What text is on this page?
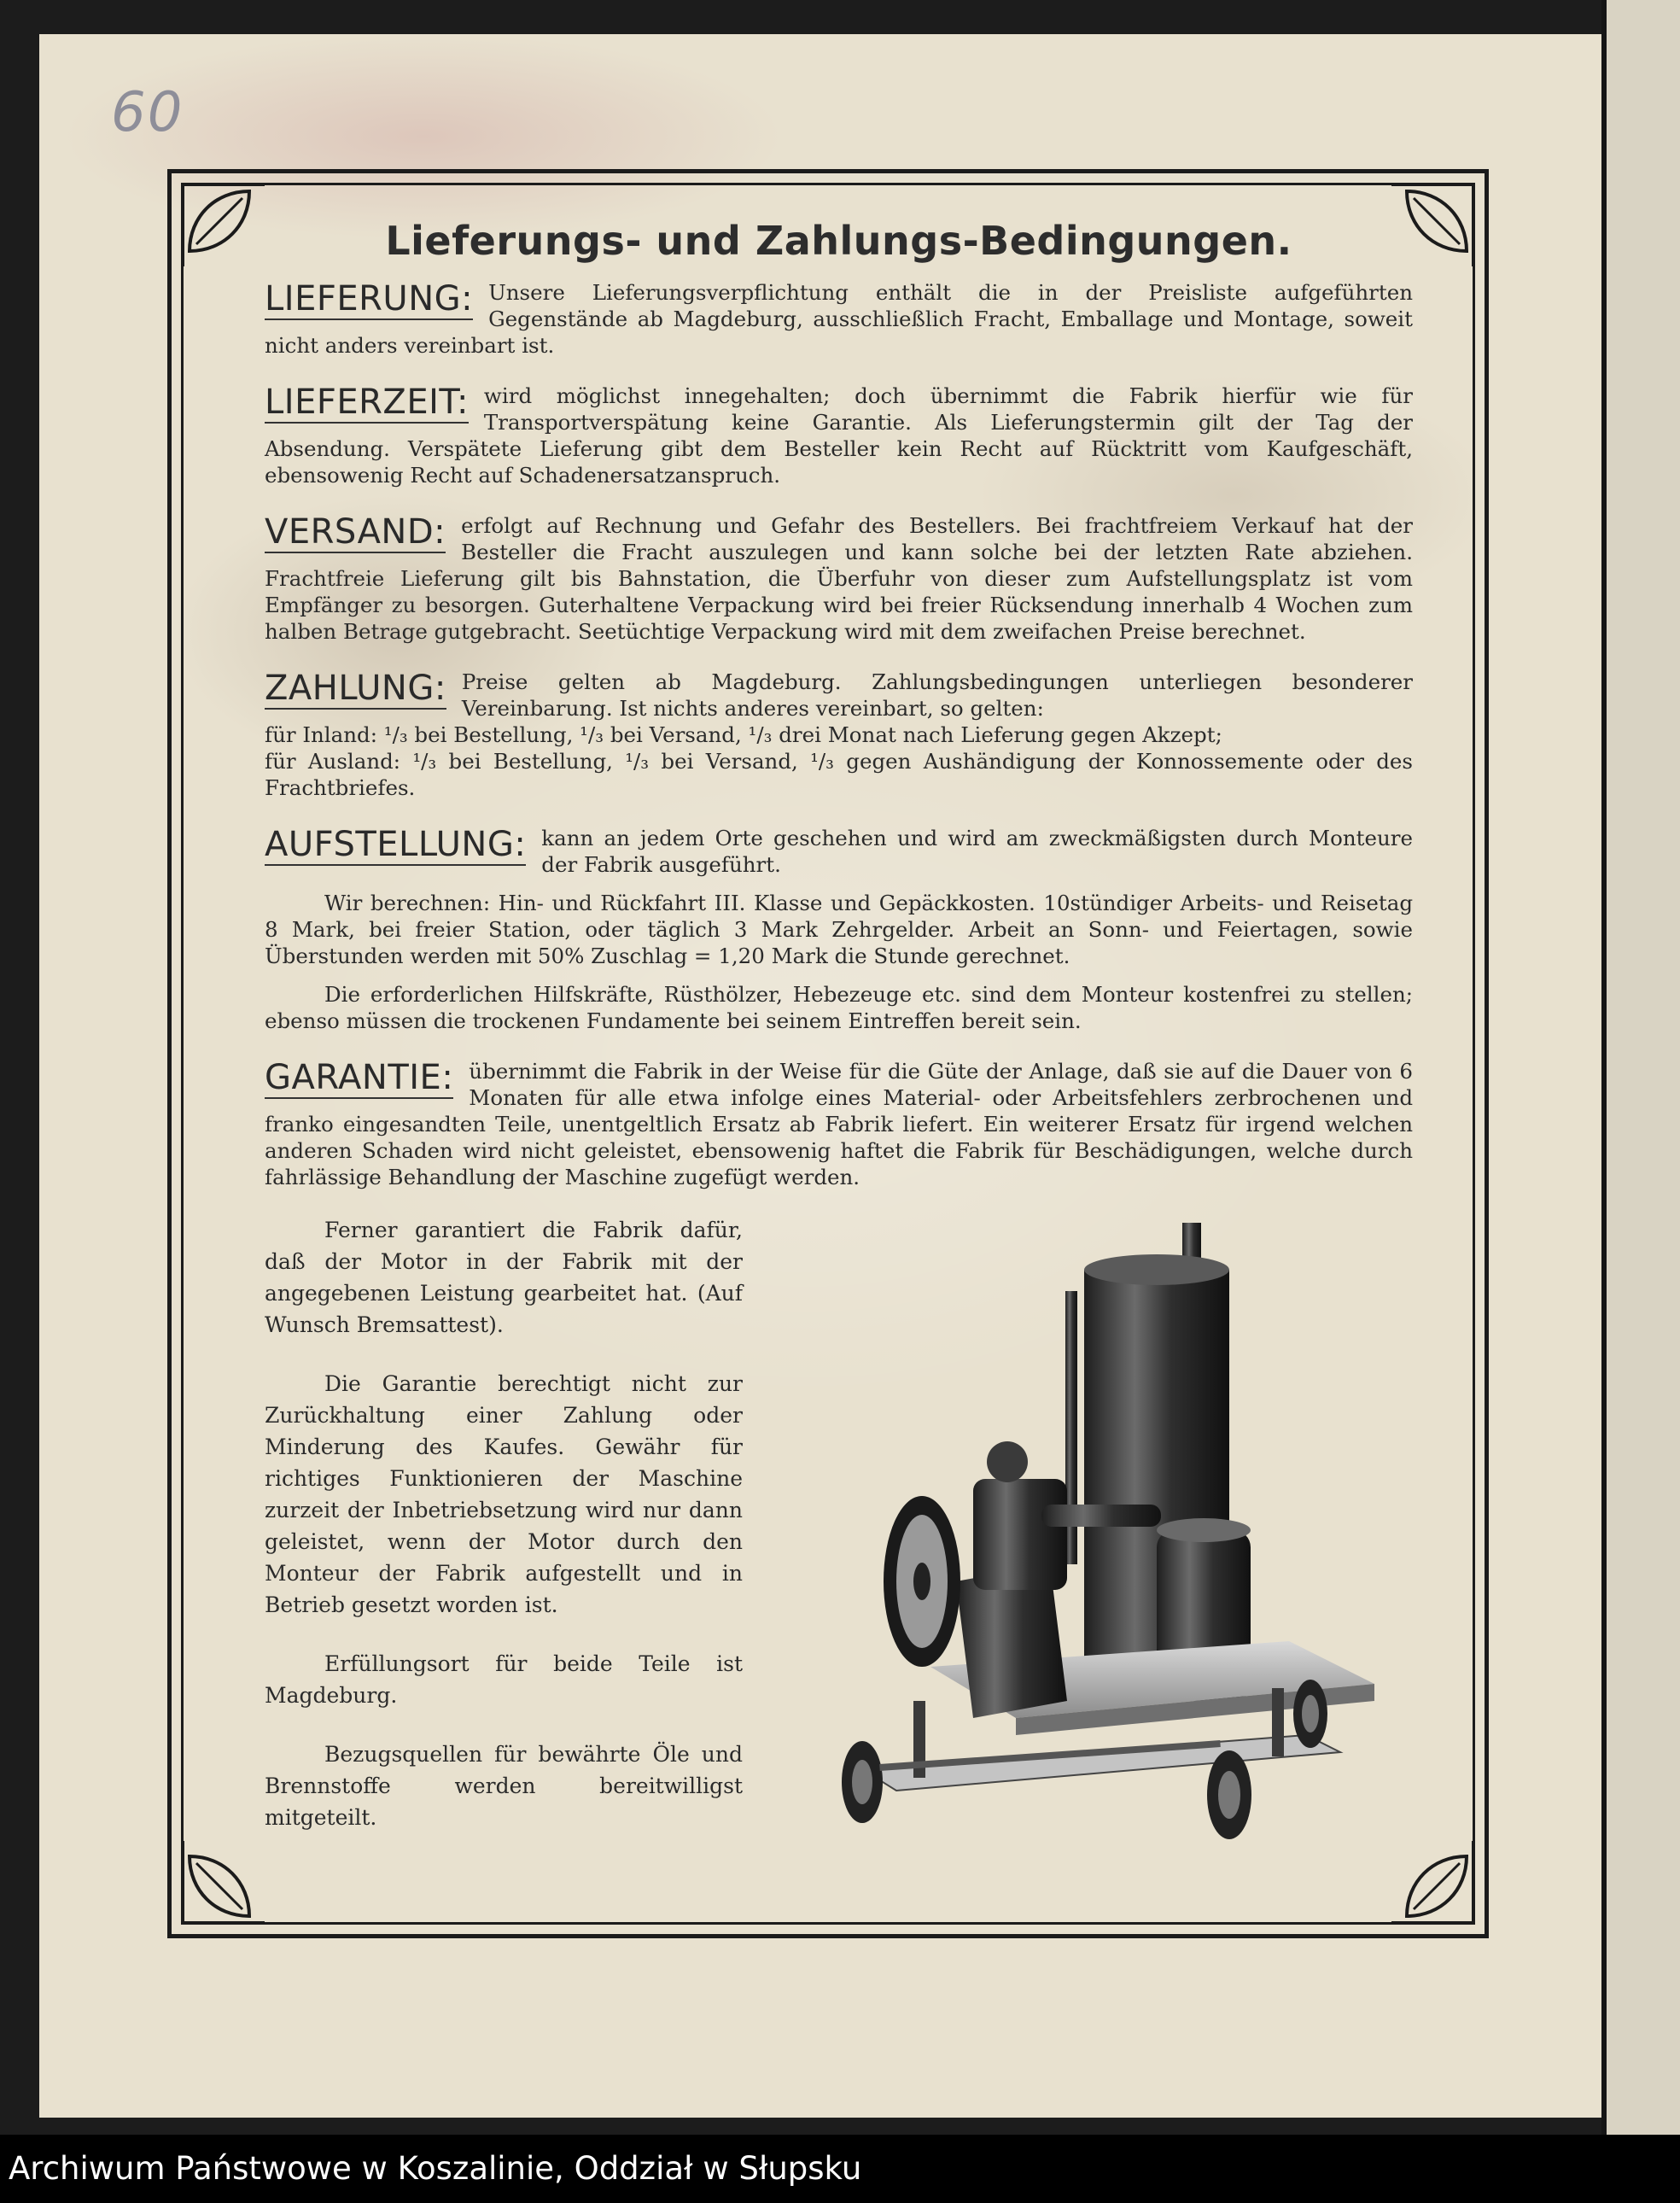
60
Lieferungs- und Zahlungs-Bedingungen.
LIEFERUNG: Unsere Lieferungsverpflichtung enthält die in der Preisliste aufgeführten Gegenstände ab Magdeburg, ausschließlich Fracht, Emballage und Montage, soweit nicht anders vereinbart ist.
LIEFERZEIT: wird möglichst innegehalten; doch übernimmt die Fabrik hierfür wie für Transportverspätung keine Garantie. Als Lieferungstermin gilt der Tag der Absendung. Verspätete Lieferung gibt dem Besteller kein Recht auf Rücktritt vom Kaufgeschäft, ebensowenig Recht auf Schadenersatzanspruch.
VERSAND: erfolgt auf Rechnung und Gefahr des Bestellers. Bei frachtfreiem Verkauf hat der Besteller die Fracht auszulegen und kann solche bei der letzten Rate abziehen. Frachtfreie Lieferung gilt bis Bahnstation, die Überfuhr von dieser zum Aufstellungsplatz ist vom Empfänger zu besorgen. Guterhaltene Verpackung wird bei freier Rücksendung innerhalb 4 Wochen zum halben Betrage gutgebracht. Seetüchtige Verpackung wird mit dem zweifachen Preise berechnet.
ZAHLUNG: Preise gelten ab Magdeburg. Zahlungsbedingungen unterliegen besonderer Vereinbarung. Ist nichts anderes vereinbart, so gelten:
für Inland: ¹/₃ bei Bestellung, ¹/₃ bei Versand, ¹/₃ drei Monat nach Lieferung gegen Akzept;
für Ausland: ¹/₃ bei Bestellung, ¹/₃ bei Versand, ¹/₃ gegen Aushändigung der Konnossemente oder des Frachtbriefes.
AUFSTELLUNG: kann an jedem Orte geschehen und wird am zweckmäßigsten durch Monteure der Fabrik ausgeführt.

Wir berechnen: Hin- und Rückfahrt III. Klasse und Gepäckkosten. 10stündiger Arbeits- und Reisetag 8 Mark, bei freier Station, oder täglich 3 Mark Zehrgelder. Arbeit an Sonn- und Feiertagen, sowie Überstunden werden mit 50% Zuschlag = 1,20 Mark die Stunde gerechnet.

Die erforderlichen Hilfskräfte, Rüsthölzer, Hebezeuge etc. sind dem Monteur kostenfrei zu stellen; ebenso müssen die trockenen Fundamente bei seinem Eintreffen bereit sein.

GARANTIE: übernimmt die Fabrik in der Weise für die Güte der Anlage, daß sie auf die Dauer von 6 Monaten für alle etwa infolge eines Material- oder Arbeitsfehlers zerbrochenen und franko eingesandten Teile, unentgeltlich Ersatz ab Fabrik liefert. Ein weiterer Ersatz für irgend welchen anderen Schaden wird nicht geleistet, ebensowenig haftet die Fabrik für Beschädigungen, welche durch fahrlässige Behandlung der Maschine zugefügt werden.

Ferner garantiert die Fabrik dafür, daß der Motor in der Fabrik mit der angegebenen Leistung gearbeitet hat. (Auf Wunsch Bremsattest).

Die Garantie berechtigt nicht zur Zurückhaltung einer Zahlung oder Minderung des Kaufes. Gewähr für richtiges Funktionieren der Maschine zurzeit der Inbetriebsetzung wird nur dann geleistet, wenn der Motor durch den Monteur der Fabrik aufgestellt und in Betrieb gesetzt worden ist.

Erfüllungsort für beide Teile ist Magdeburg.

Bezugsquellen für bewährte Öle und Brennstoffe werden bereitwilligst mitgeteilt.

Archiwum Państwowe w Koszalinie, Oddział w Słupsku
